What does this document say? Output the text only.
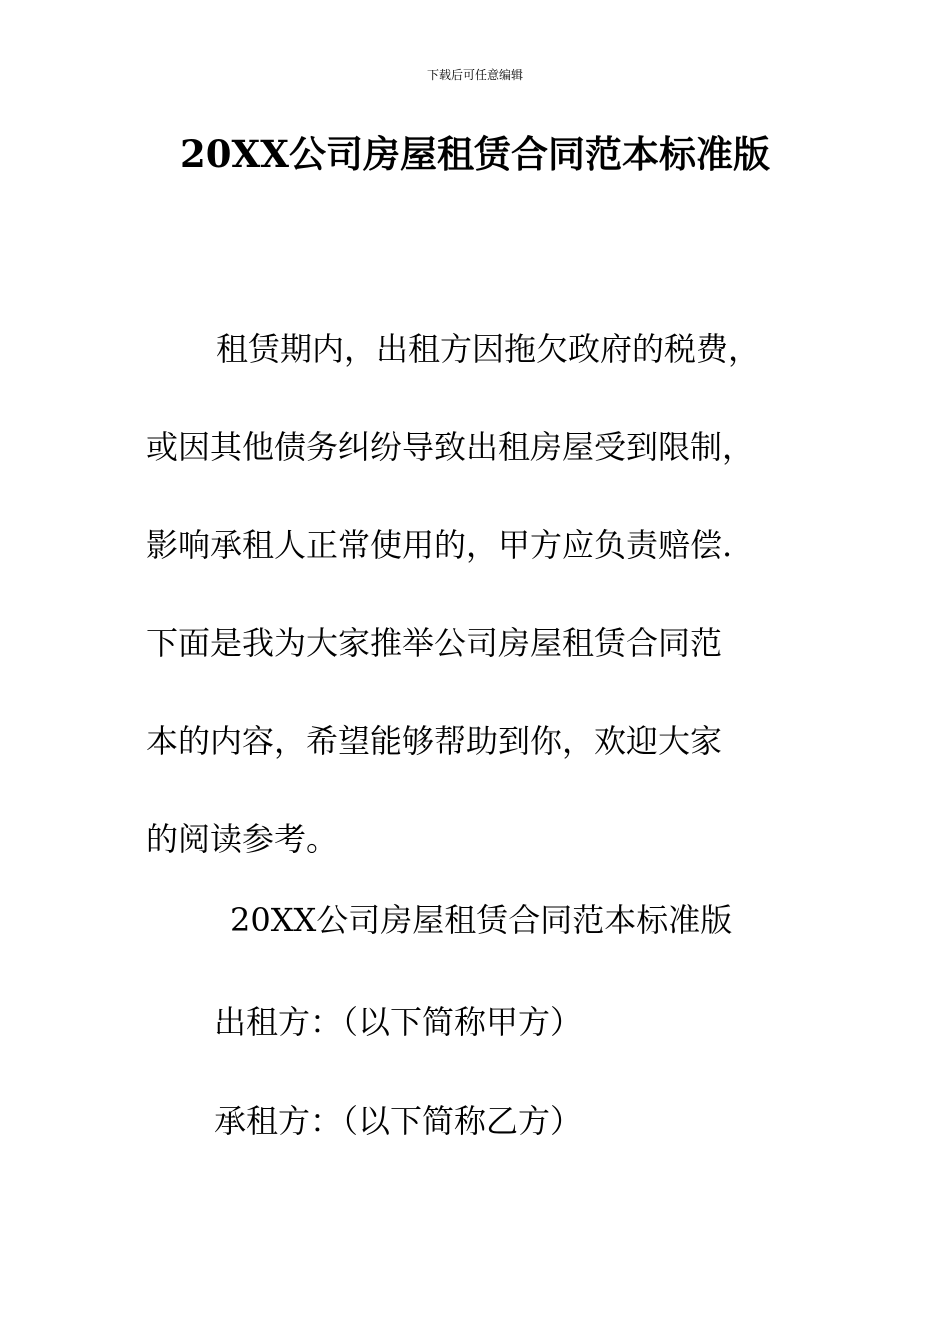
下载后可任意编辑
20XX公司房屋租赁合同范本标准版
租赁期内，出租方因拖欠政府的税费，
或因其他债务纠纷导致出租房屋受到限制，
影响承租人正常使用的，甲方应负责赔偿.
下面是我为大家推举公司房屋租赁合同范
本的内容，希望能够帮助到你，欢迎大家
的阅读参考。
20XX公司房屋租赁合同范本标准版
出租方：（以下简称甲方）
承租方：（以下简称乙方）
